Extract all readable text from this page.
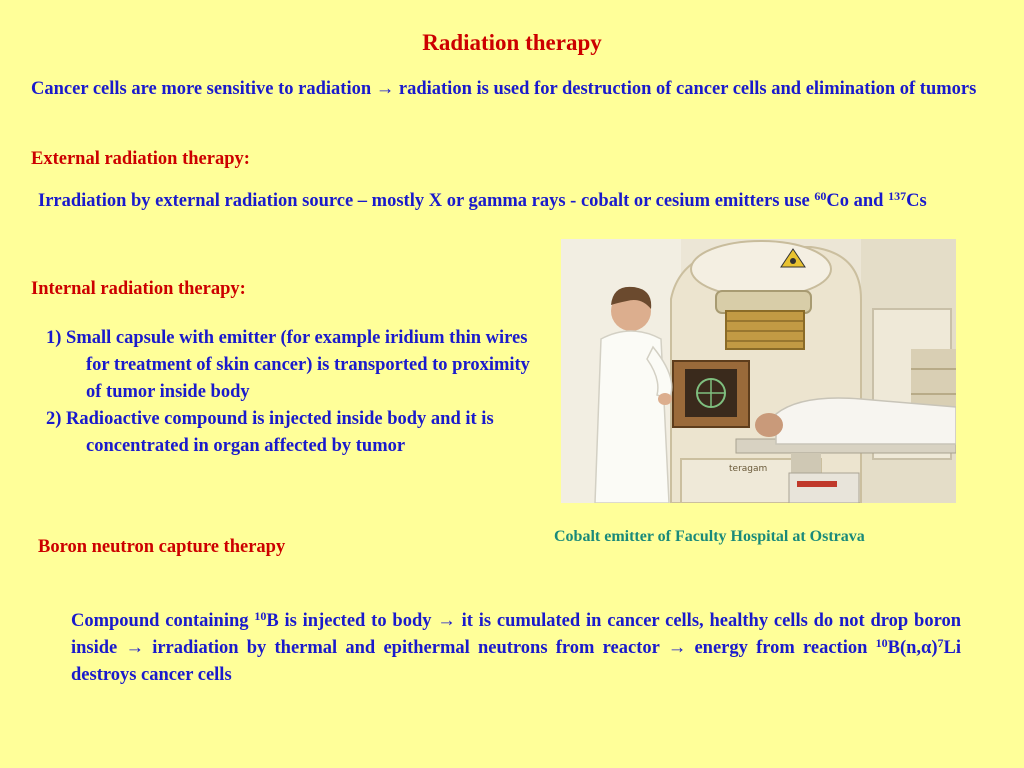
Radiation therapy
Cancer cells are more sensitive to radiation → radiation is used for destruction of cancer cells and elimination of tumors
External radiation therapy:
Irradiation by external radiation source – mostly X or gamma rays - cobalt or cesium emitters use $^{60}$Co and $^{137}$Cs
Internal radiation therapy:
1) Small capsule with emitter (for example iridium thin wires for treatment of skin cancer) is transported to proximity of tumor inside body
2) Radioactive compound is injected inside body and it is concentrated in organ affected by tumor
teragam
Cobalt emitter of Faculty Hospital at Ostrava
Boron neutron capture therapy
Compound containing $^{10}$B is injected to body → it is cumulated in cancer cells, healthy cells do not drop boron inside → irradiation by thermal and epithermal neutrons from reactor → energy from reaction $^{10}B(n,\alpha)^7Li$ destroys cancer cells
